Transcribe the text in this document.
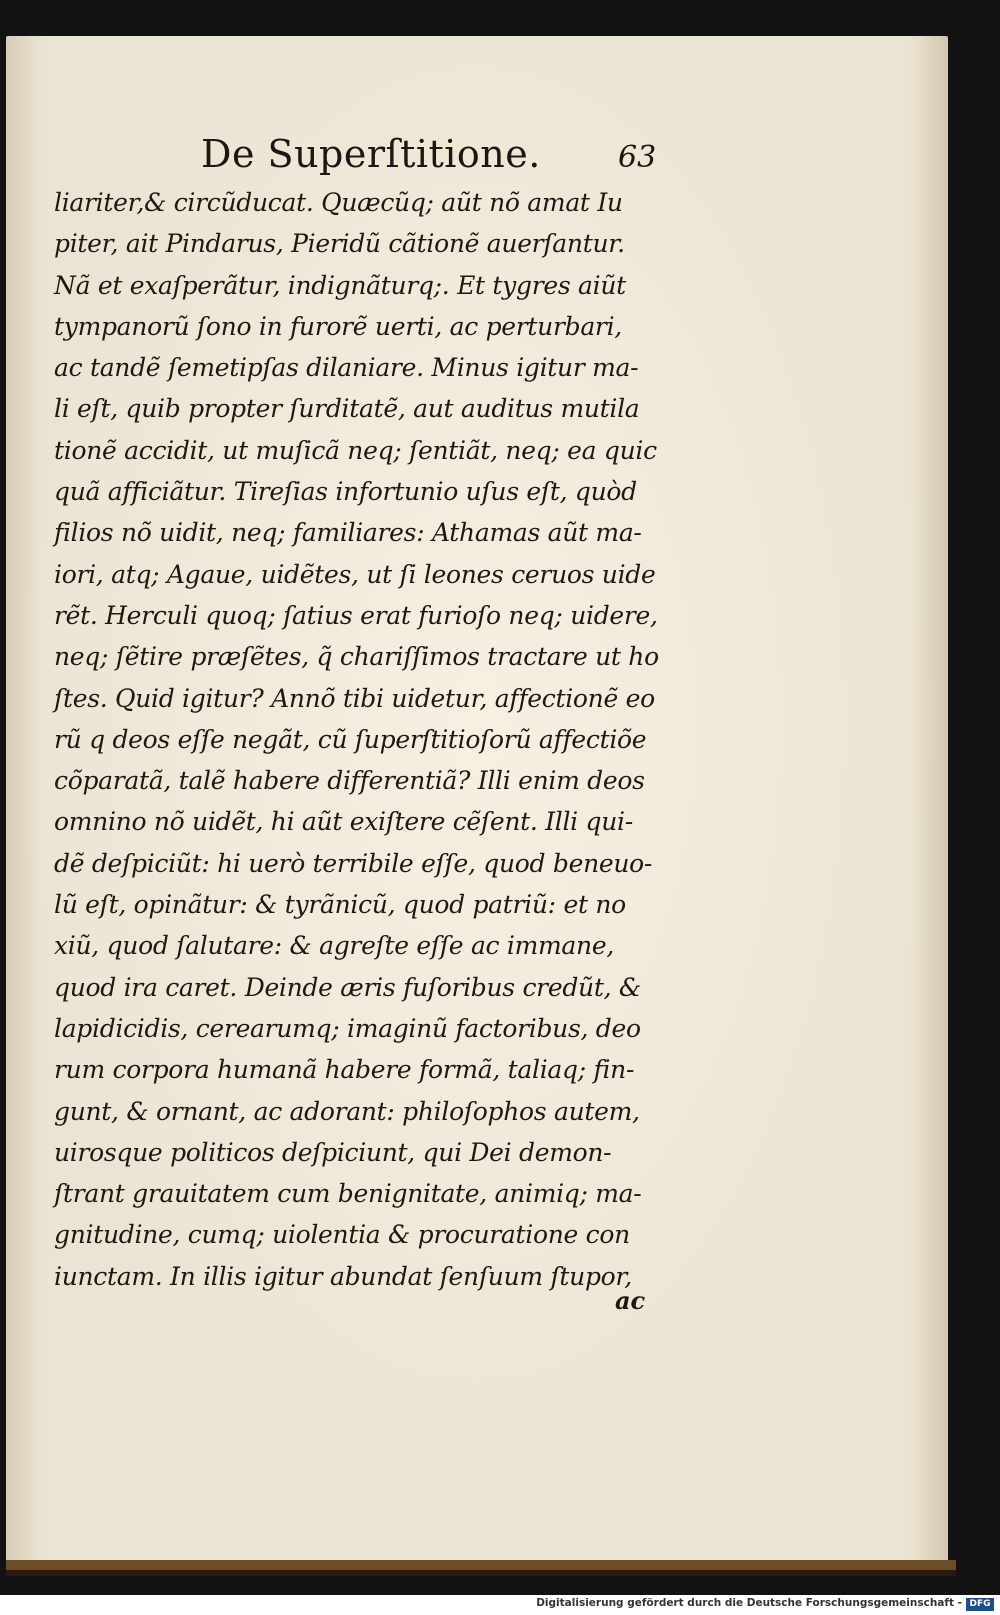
De Superſtitione.	63
liariter,& circũducat. Quæcũq; aũt nõ amat Iu
piter, ait Pindarus, Pieridũ cãtionẽ auerſantur.
Nã et exaſperãtur, indignãturq;. Et tygres aiũt
tympanorũ ſono in furorẽ uerti, ac perturbari,
ac tandẽ ſemetipſas dilaniare. Minus igitur ma-
li eſt, quib propter ſurditatẽ, aut auditus mutila
tionẽ accidit, ut muſicã neq; ſentiãt, neq; ea quic
quã afficiãtur. Tireſias infortunio uſus eſt, quòd
filios nõ uidit, neq; familiares: Athamas aũt ma-
iori, atq; Agaue, uidẽtes, ut ſi leones ceruos uide
rẽt. Herculi quoq; ſatius erat furioſo neq; uidere,
neq; ſẽtire præſẽtes, q̃ chariſſimos tractare ut ho
ſtes. Quid igitur? Annõ tibi uidetur, affectionẽ eo
rũ q deos eſſe negãt, cũ ſuperſtitioſorũ affectiõe
cõparatã, talẽ habere differentiã? Illi enim deos
omnino nõ uidẽt, hi aũt exiſtere cẽſent. Illi qui-
dẽ deſpiciũt: hi uerò terribile eſſe, quod beneuo-
lũ eſt, opinãtur: & tyrãnicũ, quod patriũ: et no
xiũ, quod ſalutare: & agreſte eſſe ac immane,
quod ira caret. Deinde æris fuſoribus credũt, &
lapidicidis, cerearumq; imaginũ factoribus, deo
rum corpora humanã habere formã, taliaq; fin-
gunt, & ornant, ac adorant: philoſophos autem,
uirosque politicos deſpiciunt, qui Dei demon-
ſtrant grauitatem cum benignitate, animiq; ma-
gnitudine, cumq; uiolentia & procuratione con
iunctam. In illis igitur abundat ſenſuum ſtupor,
ac
Digitalisierung gefördert durch die Deutsche Forschungsgemeinschaft - DFG
